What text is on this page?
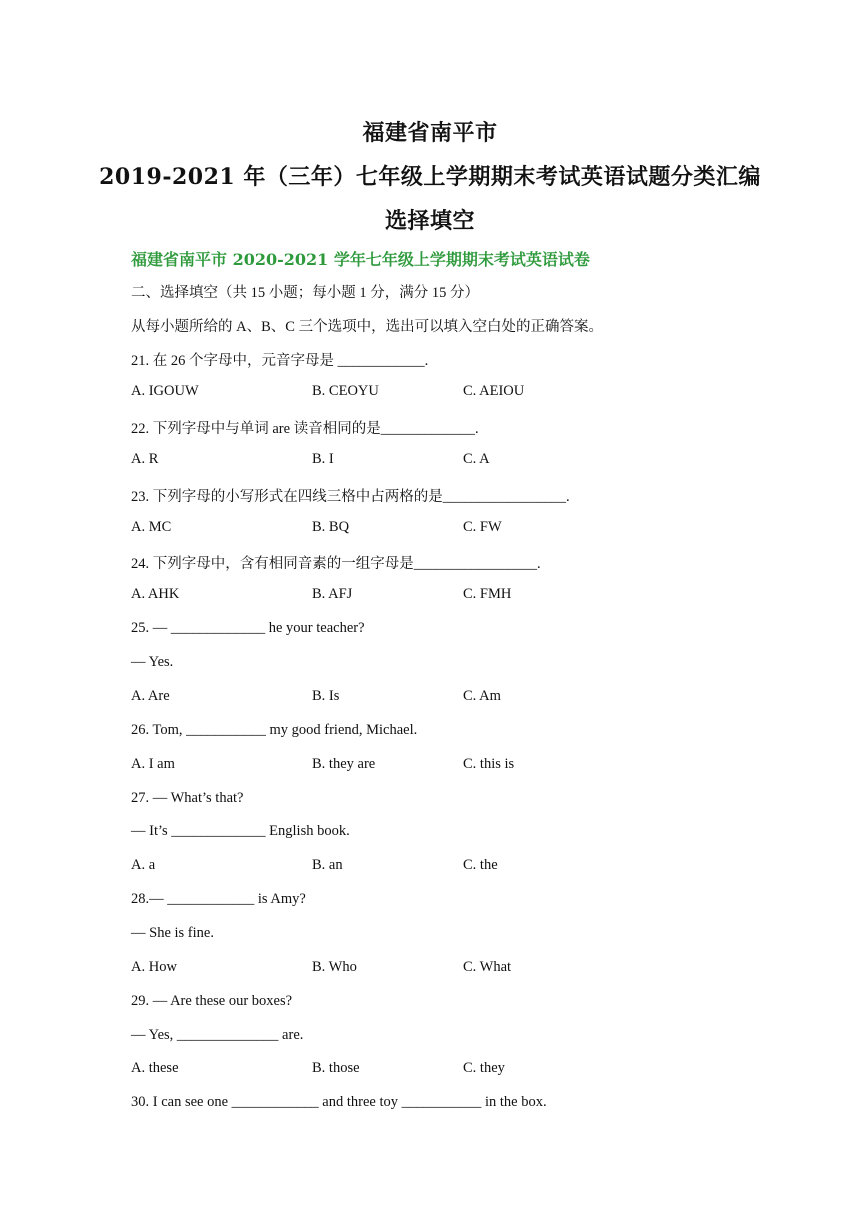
福建省南平市
2019-2021 年（三年）七年级上学期期末考试英语试题分类汇编
选择填空
福建省南平市 2020-2021 学年七年级上学期期末考试英语试卷
二、选择填空（共 15 小题；每小题 1 分，满分 15 分）
从每小题所给的 A、B、C 三个选项中，选出可以填入空白处的正确答案。
21. 在 26 个字母中，元音字母是 ____________.
A. IGOUW	B. CEOYU	C. AEIOU
22. 下列字母中与单词 are 读音相同的是_____________.
A. R	B. I	C. A
23. 下列字母的小写形式在四线三格中占两格的是_________________.
A. MC	B. BQ	C. FW
24. 下列字母中，含有相同音素的一组字母是_________________.
A. AHK	B. AFJ	C. FMH
25. — _____________ he your teacher?
— Yes.
A. Are	B. Is	C. Am
26. Tom, ___________ my good friend, Michael.
A. I am	B. they are	C. this is
27. — What’s that?
— It’s _____________ English book.
A. a	B. an	C. the
28.— ____________ is Amy?
— She is fine.
A. How	B. Who	C. What
29. — Are these our boxes?
— Yes, ______________ are.
A. these	B. those	C. they
30. I can see one ____________ and three toy ___________ in the box.
